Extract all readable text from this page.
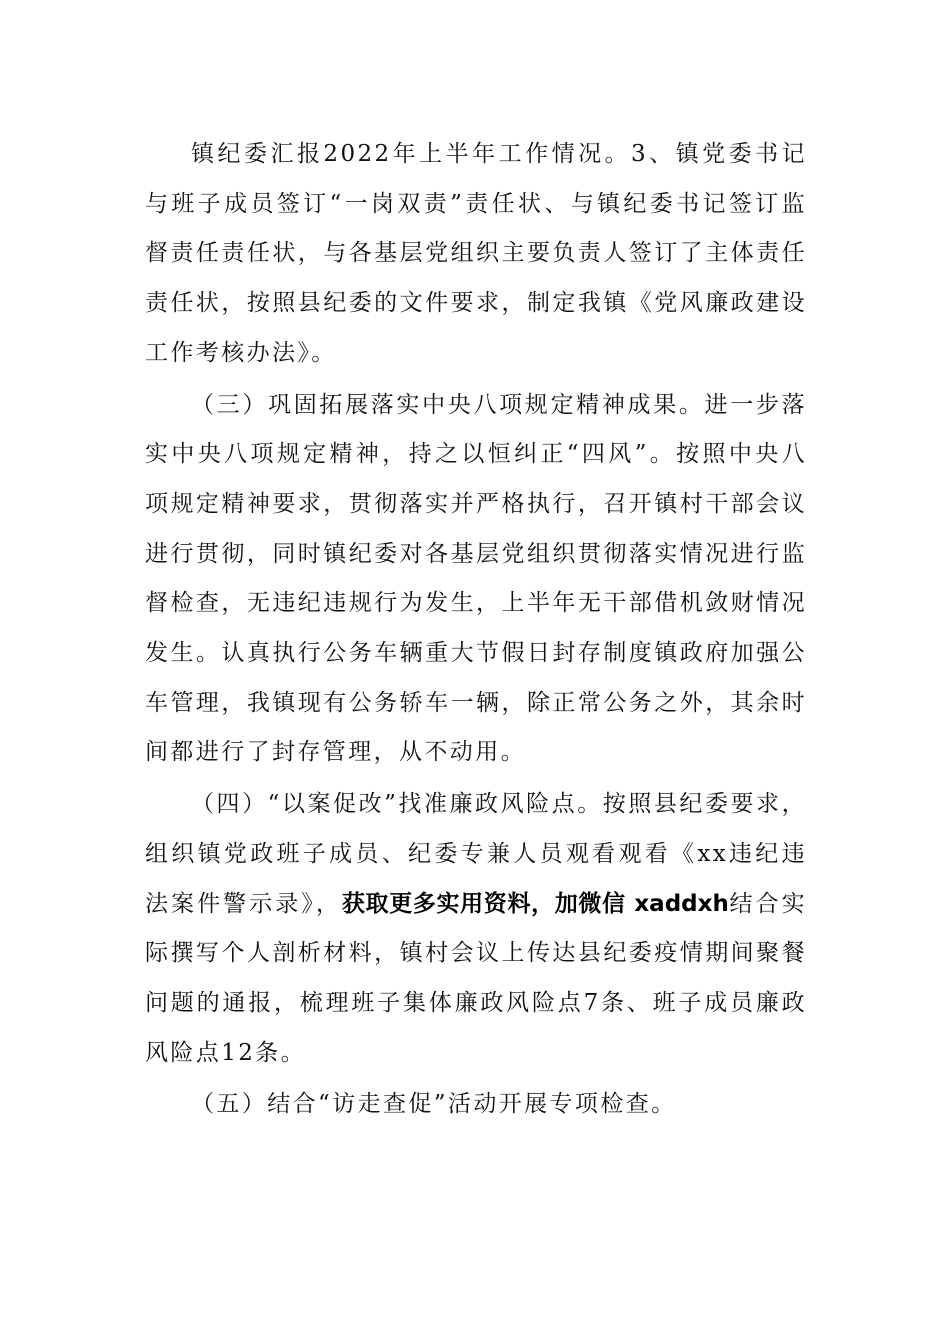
镇纪委汇报2022年上半年工作情况。3、镇党委书记与班子成员签订“一岗双责”责任状、与镇纪委书记签订监督责任责任状，与各基层党组织主要负责人签订了主体责任责任状，按照县纪委的文件要求，制定我镇《党风廉政建设工作考核办法》。

（三）巩固拓展落实中央八项规定精神成果。进一步落实中央八项规定精神，持之以恒纠正“四风”。按照中央八项规定精神要求，贯彻落实并严格执行，召开镇村干部会议进行贯彻，同时镇纪委对各基层党组织贯彻落实情况进行监督检查，无违纪违规行为发生，上半年无干部借机敛财情况发生。认真执行公务车辆重大节假日封存制度镇政府加强公车管理，我镇现有公务轿车一辆，除正常公务之外，其余时间都进行了封存管理，从不动用。

（四）“以案促改”找准廉政风险点。按照县纪委要求，组织镇党政班子成员、纪委专兼人员观看观看《xx违纪违法案件警示录》，获取更多实用资料，加微信 xaddxh结合实际撰写个人剖析材料，镇村会议上传达县纪委疫情期间聚餐问题的通报，梳理班子集体廉政风险点7条、班子成员廉政风险点12条。

（五）结合“访走查促”活动开展专项检查。
